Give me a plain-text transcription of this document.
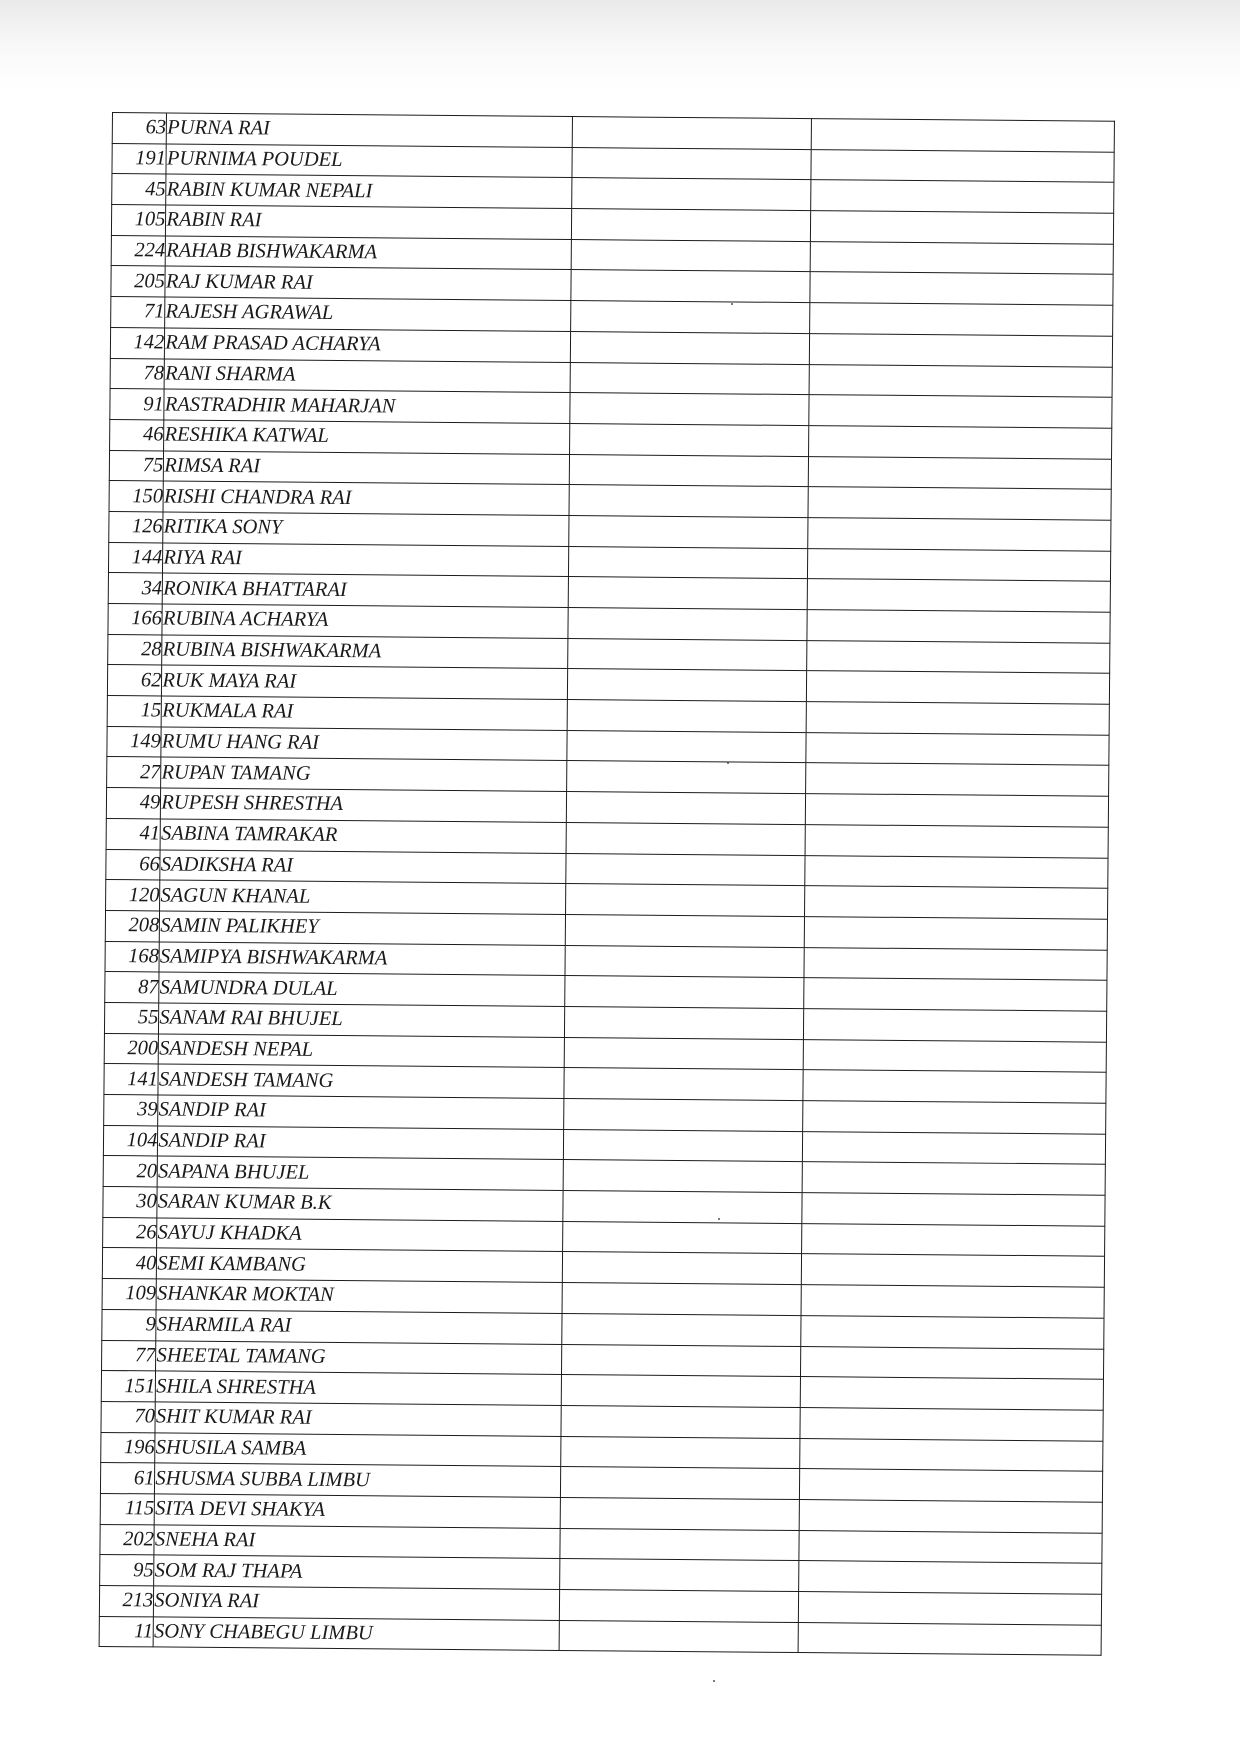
63	PURNA RAI		
191	PURNIMA POUDEL		
45	RABIN KUMAR NEPALI		
105	RABIN RAI		
224	RAHAB BISHWAKARMA		
205	RAJ KUMAR RAI		
71	RAJESH AGRAWAL		
142	RAM PRASAD ACHARYA		
78	RANI SHARMA		
91	RASTRADHIR MAHARJAN		
46	RESHIKA KATWAL		
75	RIMSA RAI		
150	RISHI CHANDRA RAI		
126	RITIKA SONY		
144	RIYA RAI		
34	RONIKA BHATTARAI		
166	RUBINA ACHARYA		
28	RUBINA BISHWAKARMA		
62	RUK MAYA RAI		
15	RUKMALA RAI		
149	RUMU HANG RAI		
27	RUPAN TAMANG		
49	RUPESH SHRESTHA		
41	SABINA TAMRAKAR		
66	SADIKSHA RAI		
120	SAGUN KHANAL		
208	SAMIN PALIKHEY		
168	SAMIPYA BISHWAKARMA		
87	SAMUNDRA DULAL		
55	SANAM RAI BHUJEL		
200	SANDESH NEPAL		
141	SANDESH TAMANG		
39	SANDIP RAI		
104	SANDIP RAI		
20	SAPANA BHUJEL		
30	SARAN KUMAR B.K		
26	SAYUJ KHADKA		
40	SEMI KAMBANG		
109	SHANKAR MOKTAN		
9	SHARMILA RAI		
77	SHEETAL TAMANG		
151	SHILA SHRESTHA		
70	SHIT KUMAR RAI		
196	SHUSILA SAMBA		
61	SHUSMA SUBBA LIMBU		
115	SITA DEVI SHAKYA		
202	SNEHA RAI		
95	SOM RAJ THAPA		
213	SONIYA RAI		
11	SONY CHABEGU LIMBU		
